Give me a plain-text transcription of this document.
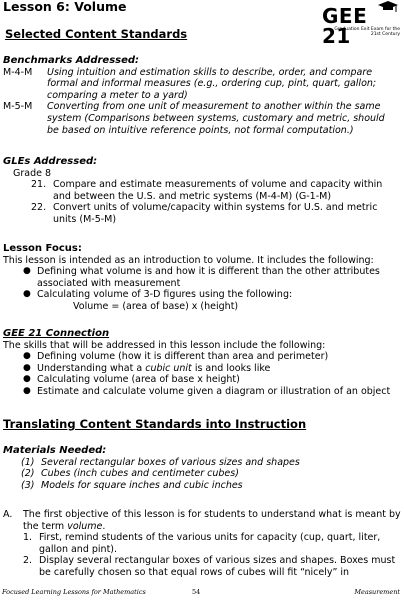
Lesson 6: Volume	GEE 21
Graduation Exit Exam for the 21st Century
Selected Content Standards
Benchmarks Addressed:
M-4-M	Using intuition and estimation skills to describe, order, and compare formal and informal measures (e.g., ordering cup, pint, quart, gallon; comparing a meter to a yard)
M-5-M	Converting from one unit of measurement to another within the same system (Comparisons between systems, customary and metric, should be based on intuitive reference points, not formal computation.)
GLEs Addressed:
Grade 8
21. Compare and estimate measurements of volume and capacity within and between the U.S. and metric systems (M-4-M) (G-1-M)
22. Convert units of volume/capacity within systems for U.S. and metric units (M-5-M)
Lesson Focus:
This lesson is intended as an introduction to volume. It includes the following:
● Defining what volume is and how it is different than the other attributes associated with measurement
● Calculating volume of 3-D figures using the following:
Volume = (area of base) x (height)
GEE 21 Connection
The skills that will be addressed in this lesson include the following:
● Defining volume (how it is different than area and perimeter)
● Understanding what a cubic unit is and looks like
● Calculating volume (area of base x height)
● Estimate and calculate volume given a diagram or illustration of an object
Translating Content Standards into Instruction
Materials Needed:
(1) Several rectangular boxes of various sizes and shapes
(2) Cubes (inch cubes and centimeter cubes)
(3) Models for square inches and cubic inches
A.	The first objective of this lesson is for students to understand what is meant by the term volume.
1. First, remind students of the various units for capacity (cup, quart, liter, gallon and pint).
2. Display several rectangular boxes of various sizes and shapes. Boxes must be carefully chosen so that equal rows of cubes will fit “nicely” in
Focused Learning Lessons for Mathematics	54	Measurement
